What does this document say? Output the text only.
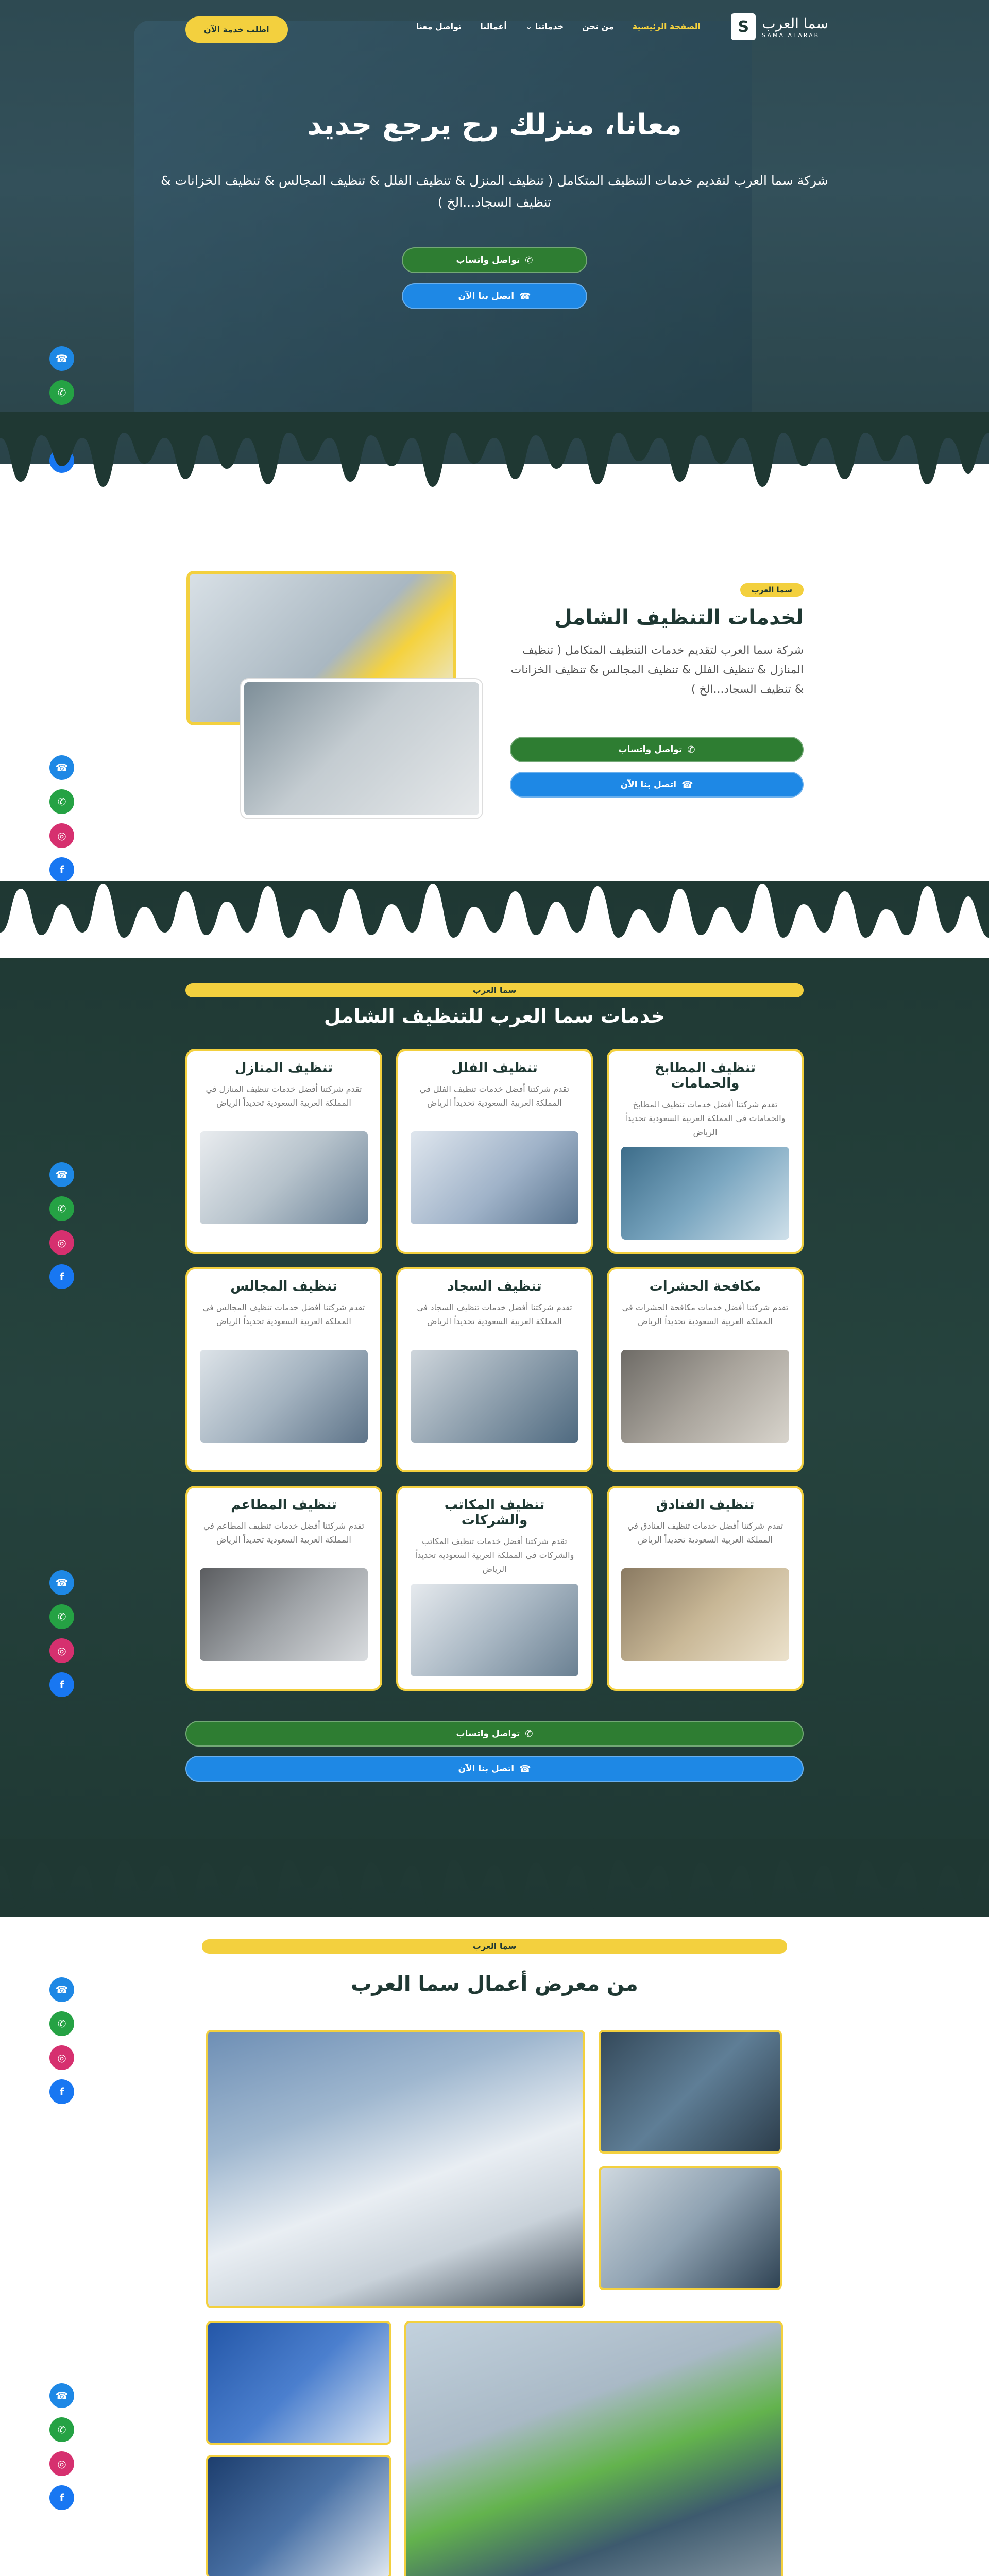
سما العرب
SAMA ALARAB
S
الصفحة الرئيسية
من نحن
خدماتنا ⌄
أعمالنا
تواصل معنا
اطلب خدمة الآن
معانا، منزلك رح يرجع جديد
شركة سما العرب لتقديم خدمات التنظيف المتكامل ( تنظيف المنزل & تنظيف الفلل & تنظيف المجالس & تنظيف الخزانات & تنظيف السجاد...الخ )
✆
تواصل واتساب
☎
اتصل بنا الآن
☎
✆
سما العرب
لخدمات التنظيف الشامل

شركة سما العرب لتقديم خدمات التنظيف المتكامل ( تنظيف المنازل & تنظيف الفلل & تنظيف المجالس & تنظيف الخزانات & تنظيف السجاد...الخ )

✆
تواصل واتساب
☎
اتصل بنا الآن
☎
✆
◎
f
سما العرب
خدمات سما العرب للتنظيف الشامل
تنظيف المطابخ والحمامات

تقدم شركتنا أفضل خدمات تنظيف المطابخ والحمامات في المملكة العربية السعودية تحديداً الرياض

تنظيف الفلل

تقدم شركتنا أفضل خدمات تنظيف الفلل في المملكة العربية السعودية تحديداً الرياض

تنظيف المنازل

تقدم شركتنا أفضل خدمات تنظيف المنازل في المملكة العربية السعودية تحديداً الرياض

مكافحة الحشرات

تقدم شركتنا أفضل خدمات مكافحة الحشرات في المملكة العربية السعودية تحديداً الرياض

تنظيف السجاد

تقدم شركتنا أفضل خدمات تنظيف السجاد في المملكة العربية السعودية تحديداً الرياض

تنظيف المجالس

تقدم شركتنا أفضل خدمات تنظيف المجالس في المملكة العربية السعودية تحديداً الرياض

تنظيف الفنادق

تقدم شركتنا أفضل خدمات تنظيف الفنادق في المملكة العربية السعودية تحديداً الرياض

تنظيف المكاتب والشركات

تقدم شركتنا أفضل خدمات تنظيف المكاتب والشركات في المملكة العربية السعودية تحديداً الرياض

تنظيف المطاعم

تقدم شركتنا أفضل خدمات تنظيف المطاعم في المملكة العربية السعودية تحديداً الرياض

✆
تواصل واتساب
☎
اتصل بنا الآن
☎
✆
◎
f
☎
✆
◎
f
سما العرب
من معرض أعمال سما العرب
☎
✆
◎
f
☎
✆
◎
f
